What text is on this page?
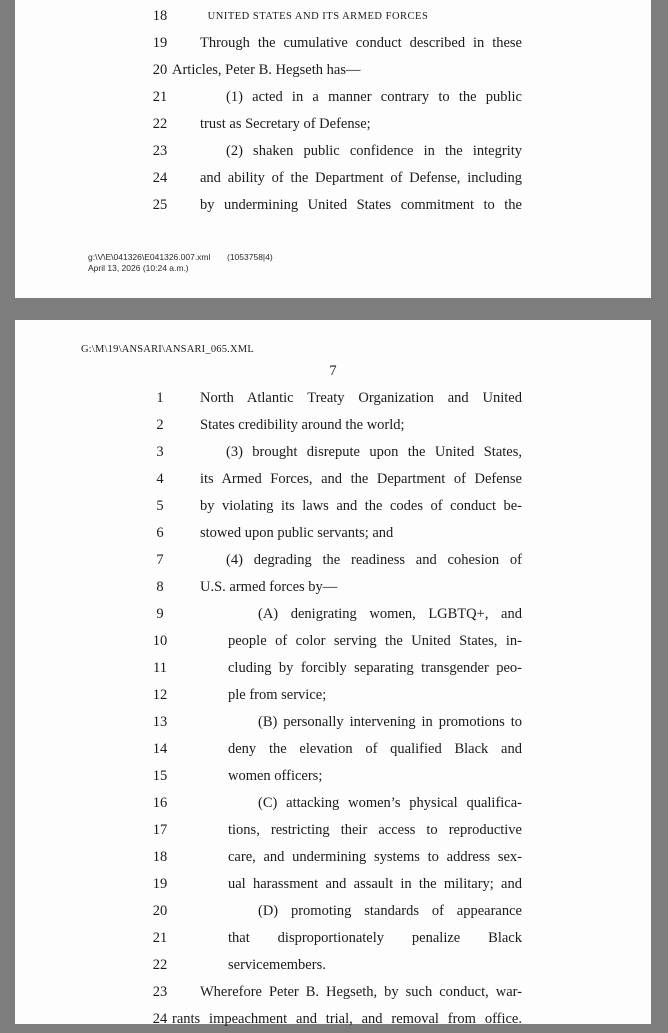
18	UNITED STATES AND ITS ARMED FORCES
19	Through the cumulative conduct described in these
20 Articles, Peter B. Hegseth has—
21	(1) acted in a manner contrary to the public
22	trust as Secretary of Defense;
23	(2) shaken public confidence in the integrity
24	and ability of the Department of Defense, including
25	by undermining United States commitment to the
g:\V\E\041326\E041326.007.xml (1053758|4)
April 13, 2026 (10:24 a.m.)
G:\M\19\ANSARI\ANSARI_065.XML
7
1	North Atlantic Treaty Organization and United
2	States credibility around the world;
3	(3) brought disrepute upon the United States,
4	its Armed Forces, and the Department of Defense
5	by violating its laws and the codes of conduct be-
6	stowed upon public servants; and
7	(4) degrading the readiness and cohesion of
8	U.S. armed forces by—
9	(A) denigrating women, LGBTQ+, and
10	people of color serving the United States, in-
11	cluding by forcibly separating transgender peo-
12	ple from service;
13	(B) personally intervening in promotions to
14	deny the elevation of qualified Black and
15	women officers;
16	(C) attacking women’s physical qualifica-
17	tions, restricting their access to reproductive
18	care, and undermining systems to address sex-
19	ual harassment and assault in the military; and
20	(D) promoting standards of appearance
21	that disproportionately penalize Black
22	servicemembers.
23	Wherefore Peter B. Hegseth, by such conduct, war-
24 rants impeachment and trial, and removal from office.
